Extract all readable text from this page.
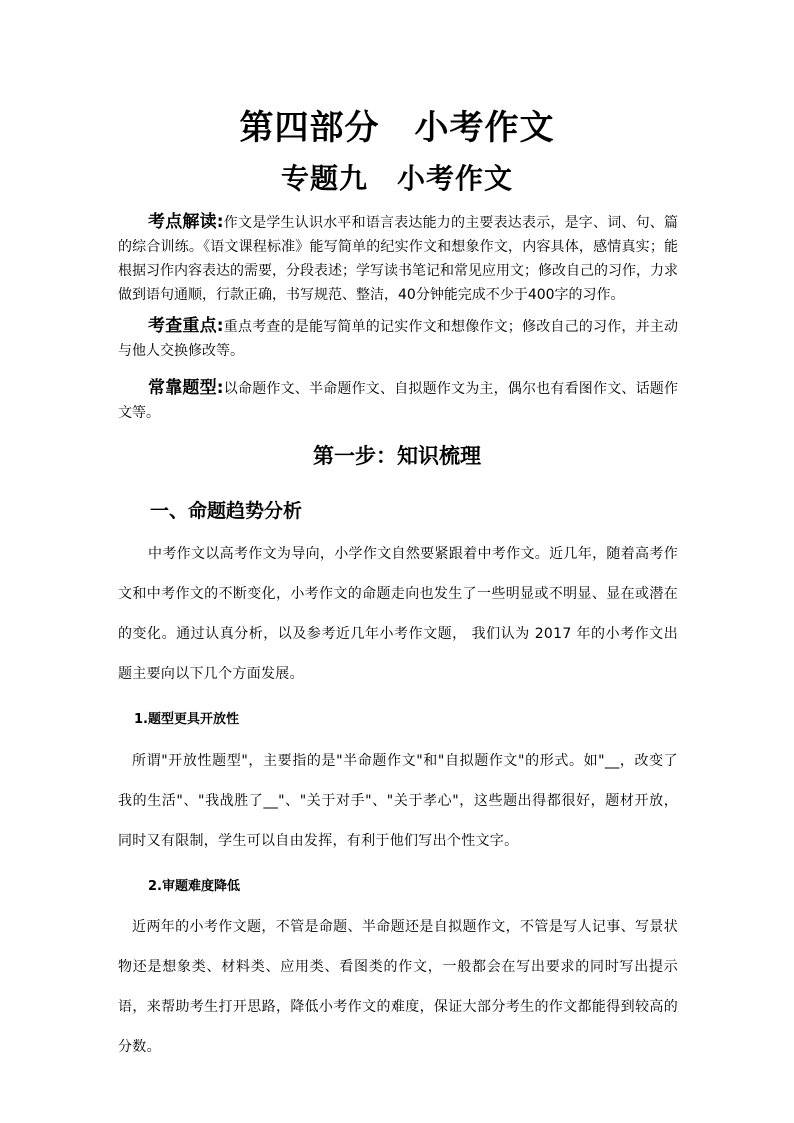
第四部分　小考作文
专题九　小考作文

考点解读:作文是学生认识水平和语言表达能力的主要表达表示，是字、词、句、篇的综合训练。《语文课程标准》能写简单的纪实作文和想象作文，内容具体，感情真实；能根据习作内容表达的需要，分段表述；学写读书笔记和常见应用文；修改自己的习作，力求做到语句通顺，行款正确，书写规范、整洁，40分钟能完成不少于400字的习作。

考查重点:重点考查的是能写简单的记实作文和想像作文；修改自己的习作，并主动与他人交换修改等。

常靠题型:以命题作文、半命题作文、自拟题作文为主，偶尔也有看图作文、话题作文等。

第一步：知识梳理
一、命题趋势分析

中考作文以高考作文为导向，小学作文自然要紧跟着中考作文。近几年，随着高考作文和中考作文的不断变化，小考作文的命题走向也发生了一些明显或不明显、显在或潜在的变化。通过认真分析，以及参考近几年小考作文题， 我们认为 2017 年的小考作文出题主要向以下几个方面发展。

1.题型更具开放性

所谓"开放性题型"，主要指的是"半命题作文"和"自拟题作文"的形式。如"__，改变了我的生活"、"我战胜了__"、"关于对手"、"关于孝心"，这些题出得都很好，题材开放，同时又有限制，学生可以自由发挥，有利于他们写出个性文字。

2.审题难度降低

近两年的小考作文题，不管是命题、半命题还是自拟题作文，不管是写人记事、写景状物还是想象类、材料类、应用类、看图类的作文，一般都会在写出要求的同时写出提示语，来帮助考生打开思路，降低小考作文的难度，保证大部分考生的作文都能得到较高的分数。
